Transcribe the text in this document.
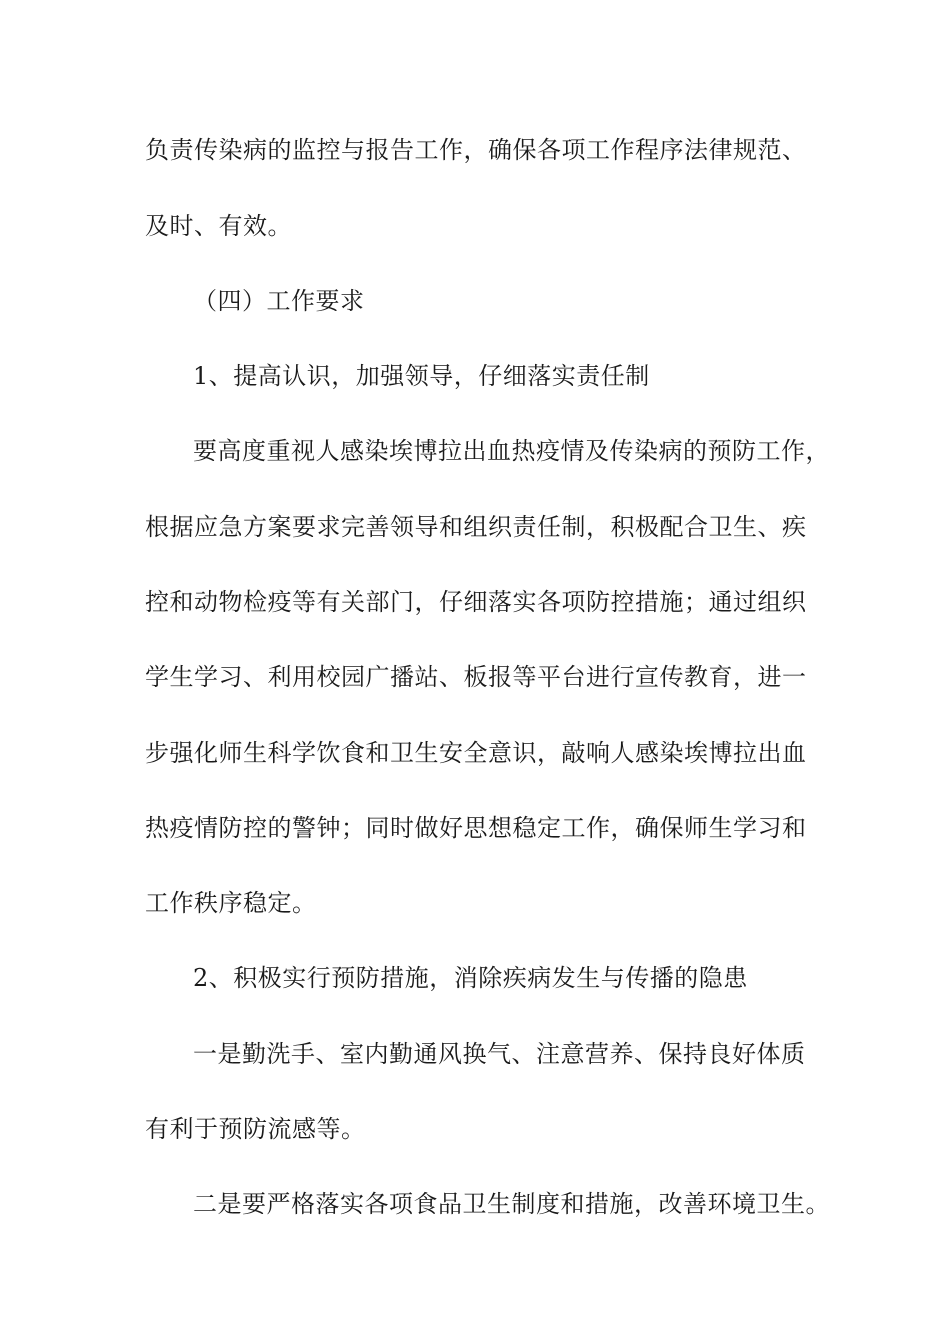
负责传染病的监控与报告工作，确保各项工作程序法律规范、
及时、有效。
（四）工作要求
1、提高认识，加强领导，仔细落实责任制
要高度重视人感染埃博拉出血热疫情及传染病的预防工作，
根据应急方案要求完善领导和组织责任制，积极配合卫生、疾
控和动物检疫等有关部门，仔细落实各项防控措施；通过组织
学生学习、利用校园广播站、板报等平台进行宣传教育，进一
步强化师生科学饮食和卫生安全意识，敲响人感染埃博拉出血
热疫情防控的警钟；同时做好思想稳定工作，确保师生学习和
工作秩序稳定。
2、积极实行预防措施，消除疾病发生与传播的隐患
一是勤洗手、室内勤通风换气、注意营养、保持良好体质
有利于预防流感等。
二是要严格落实各项食品卫生制度和措施，改善环境卫生。
